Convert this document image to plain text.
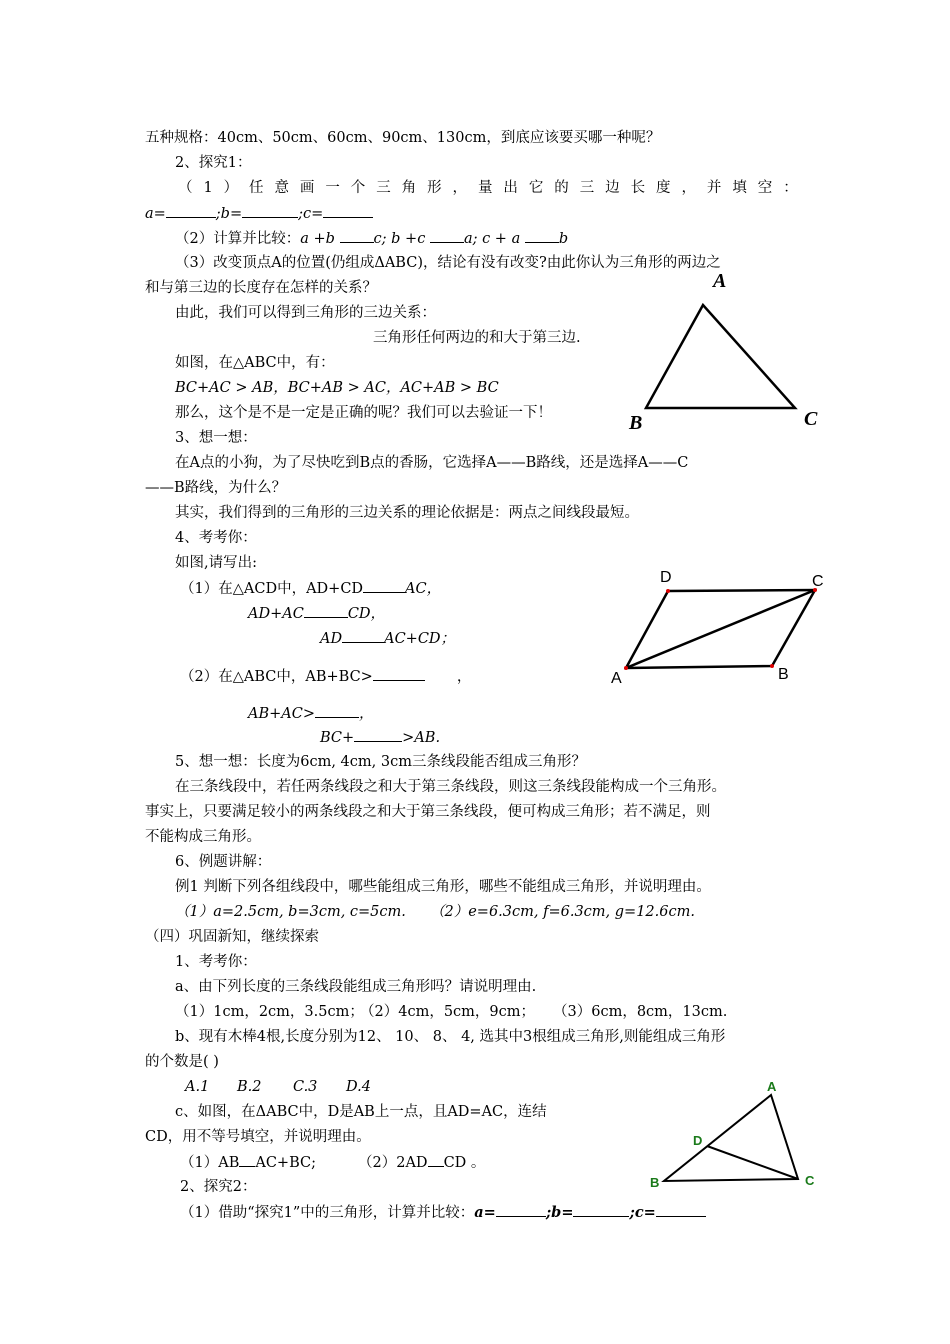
五种规格：40cm、50cm、60cm、90cm、130cm，到底应该要买哪一种呢？
2、探究1：
（ 1 ） 任 意 画 一 个 三 角 形 ， 量 出 它 的 三 边 长 度 ， 并 填 空 ：
a=	;b=	;c=
（2）计算并比较：a +b	c; b +c	a; c + a	b
（3）改变顶点A的位置(仍组成ΔABC)，结论有没有改变?由此你认为三角形的两边之
和与第三边的长度存在怎样的关系？
由此，我们可以得到三角形的三边关系：
三角形任何两边的和大于第三边.
如图，在△ABC中，有：
BC+AC > AB，BC+AB > AC，AC+AB > BC
那么，这个是不是一定是正确的呢？我们可以去验证一下！
3、想一想：
在A点的小狗，为了尽快吃到B点的香肠，它选择A——B路线，还是选择A——C
——B路线，为什么？
其实，我们得到的三角形的三边关系的理论依据是：两点之间线段最短。
4、考考你：
如图,请写出:
（1）在△ACD中，AD+CD	AC，
AD+AC	CD，
AD	AC+CD；
（2）在△ABC中，AB+BC>	，
AB+AC>	，
BC+	>AB.
5、想一想：长度为6cm, 4cm, 3cm三条线段能否组成三角形？
在三条线段中，若任两条线段之和大于第三条线段，则这三条线段能构成一个三角形。
事实上，只要满足较小的两条线段之和大于第三条线段，便可构成三角形；若不满足，则
不能构成三角形。
6、例题讲解：
例1 判断下列各组线段中，哪些能组成三角形，哪些不能组成三角形，并说明理由。
（1）a=2.5cm, b=3cm, c=5cm. （2）e=6.3cm, f=6.3cm, g=12.6cm.
（四）巩固新知，继续探索
1、考考你：
a、由下列长度的三条线段能组成三角形吗？请说明理由.
（1）1cm，2cm，3.5cm；
（2）4cm，5cm，9cm； （3）6cm，8cm，13cm.
b、现有木棒4根,长度分别为12、 10、 8、 4, 选其中3根组成三角形,则能组成三角形
的个数是( )
A.1 B.2 C.3 D.4
c、如图，在ΔABC中，D是AB上一点，且AD=AC，连结
CD，用不等号填空，并说明理由。
（1）AB AC+BC;	（2）2AD CD 。
2、探究2：
（1）借助“探究1”中的三角形，计算并比较：a=	;b=	;c=
A
B	C
D	C
B
A
A
D
B	C
